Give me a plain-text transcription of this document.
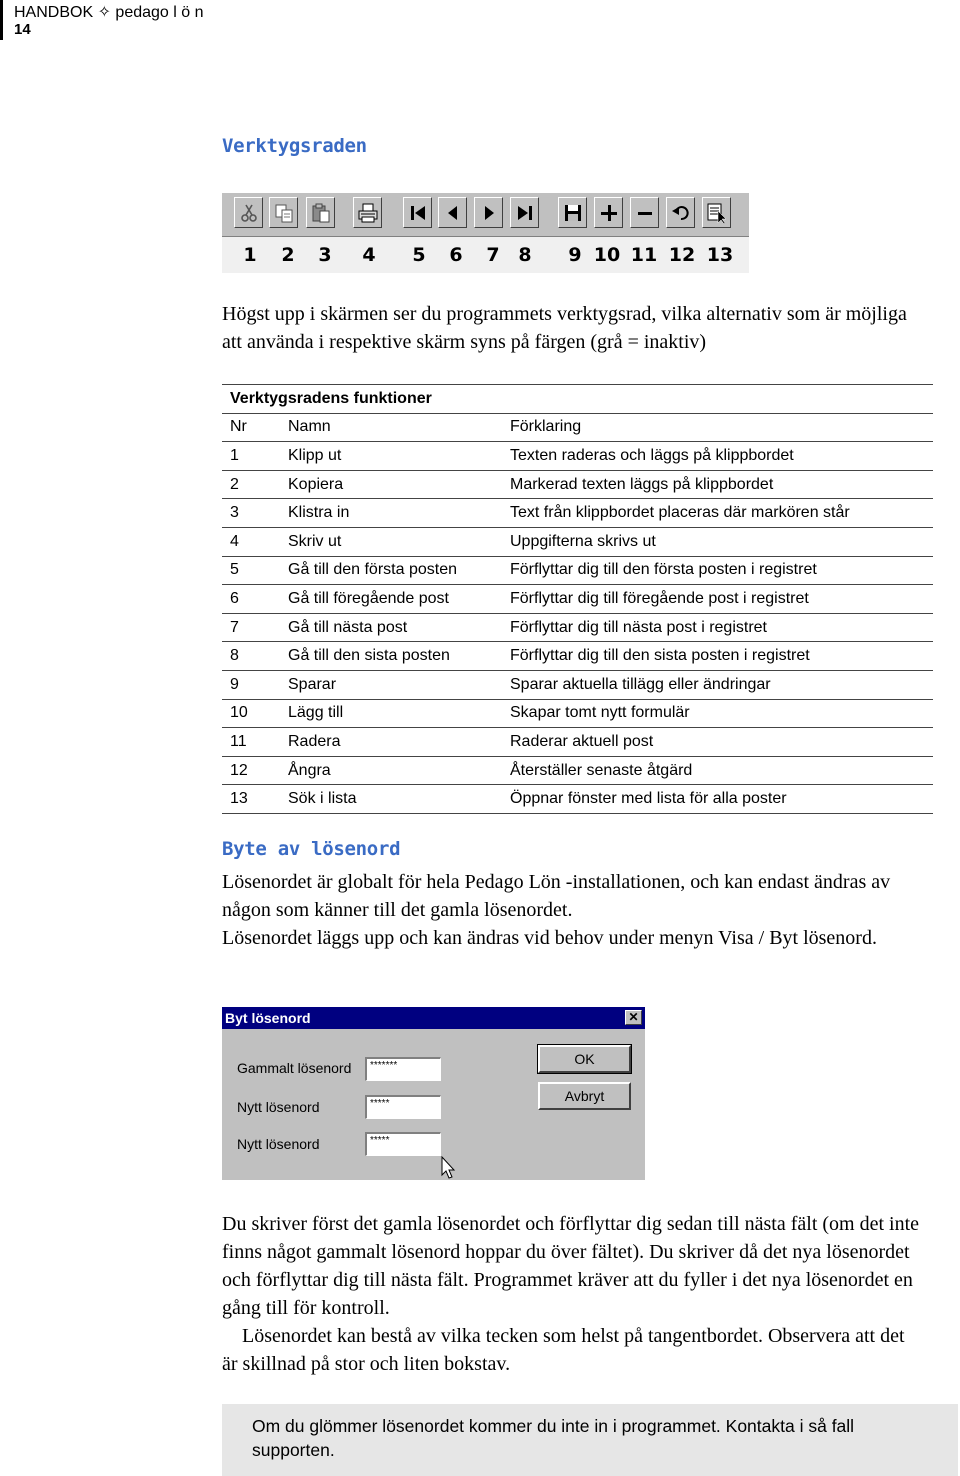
HANDBOK ✧ pedago l ö n
14
Verktygsraden
1	2	3	4	5	6	7 8	9 10 11 12 13

Högst upp i skärmen ser du programmets verktygsrad, vilka alternativ som är möjliga att använda i respektive skärm syns på färgen (grå = inaktiv)

Verktygsradens funktioner		
Nr	Namn	Förklaring
1	Klipp ut	Texten raderas och läggs på klippbordet
2	Kopiera	Markerad texten läggs på klippbordet
3	Klistra in	Text från klippbordet placeras där markören står
4	Skriv ut	Uppgifterna skrivs ut
5	Gå till den första posten	Förflyttar dig till den första posten i registret
6	Gå till föregående post	Förflyttar dig till föregående post i registret
7	Gå till nästa post	Förflyttar dig till nästa post i registret
8	Gå till den sista posten	Förflyttar dig till den sista posten i registret
9	Sparar	Sparar aktuella tillägg eller ändringar
10	Lägg till	Skapar tomt nytt formulär
11	Radera	Raderar aktuell post
12	Ångra	Återställer senaste åtgärd
13	Sök i lista	Öppnar fönster med lista för alla poster
Byte av lösenord

Lösenordet är globalt för hela Pedago Lön -installationen, och kan endast ändras av någon som känner till det gamla lösenordet.

Lösenordet läggs upp och kan ändras vid behov under menyn Visa / Byt lösenord.

Byt lösenord	✕
Gammalt lösenord	*******
Nytt lösenord	*****
Nytt lösenord	*****
OK
Avbryt

Du skriver först det gamla lösenordet och förflyttar dig sedan till nästa fält (om det inte finns något gammalt lösenord hoppar du över fältet). Du skriver då det nya lösenordet och förflyttar dig till nästa fält. Programmet kräver att du fyller i det nya lösenordet en gång till för kontroll.

Lösenordet kan bestå av vilka tecken som helst på tangentbordet. Observera att det är skillnad på stor och liten bokstav.

Om du glömmer lösenordet kommer du inte in i programmet. Kontakta i så fall supporten.
